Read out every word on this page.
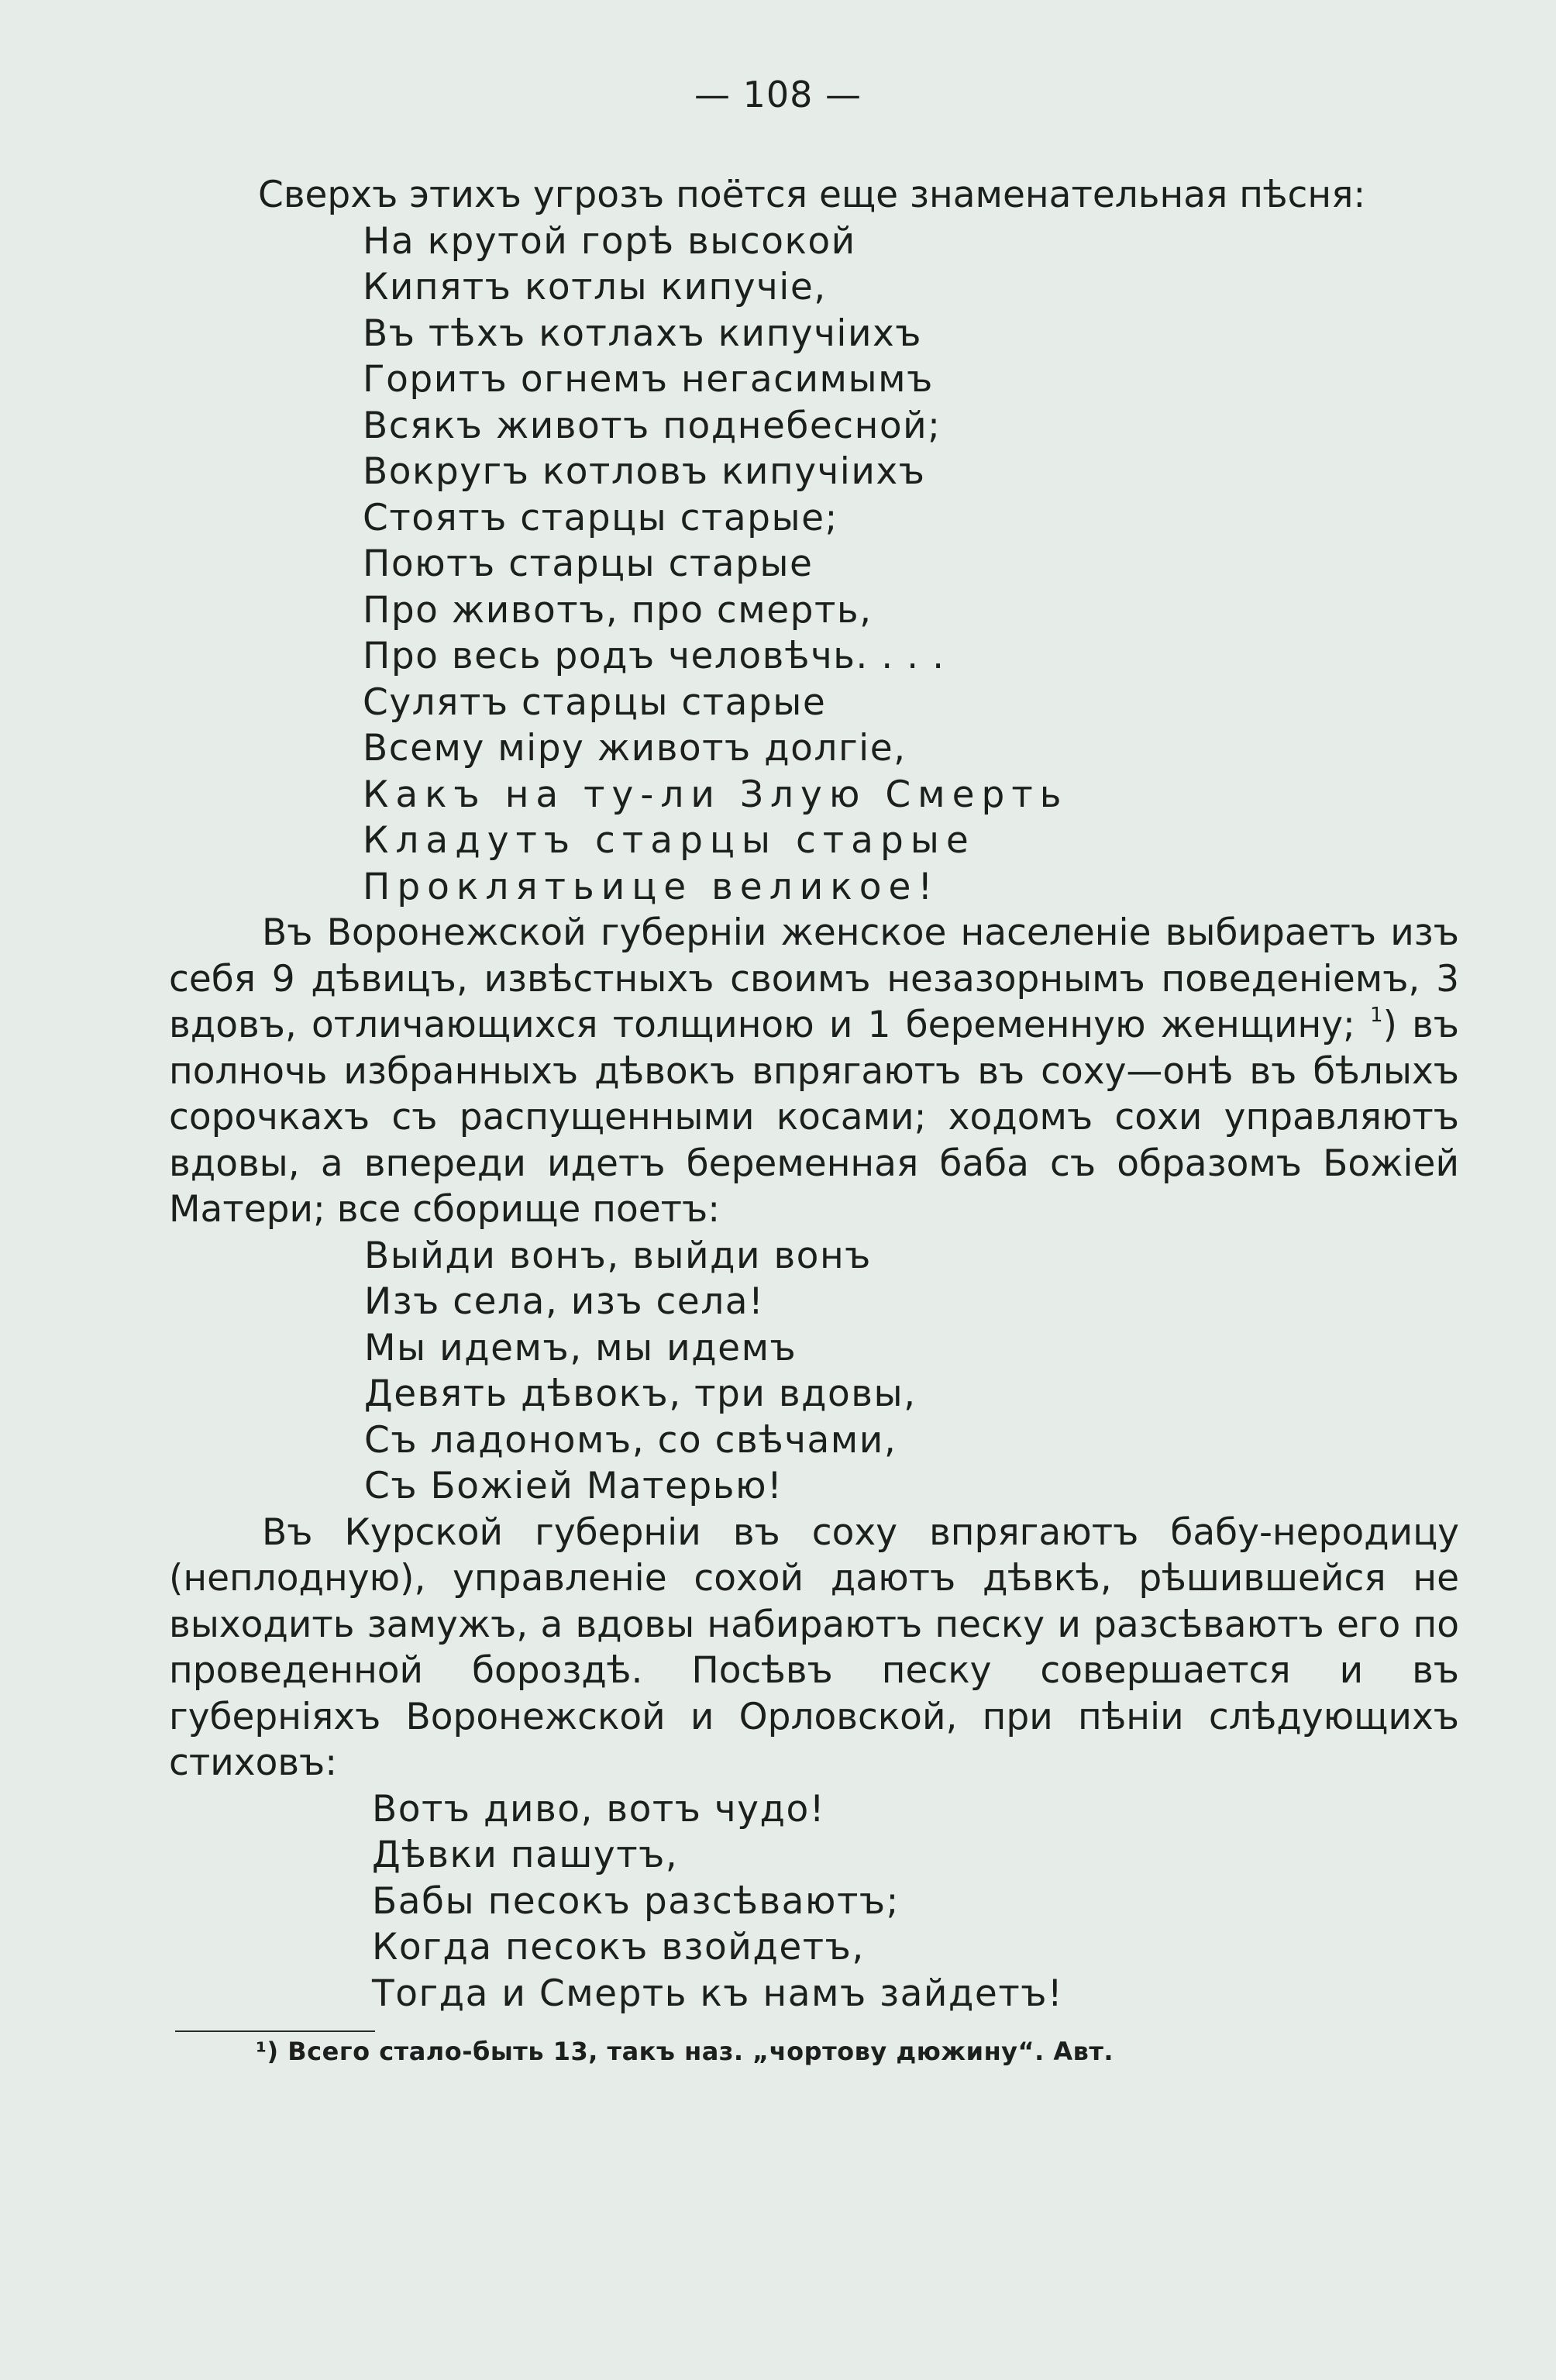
— 108 —

Сверхъ этихъ угрозъ поётся еще знаменательная пѣсня:

На крутой горѣ высокой
Кипятъ котлы кипучіе,
Въ тѣхъ котлахъ кипучіихъ
Горитъ огнемъ негасимымъ
Всякъ животъ поднебесной;
Вокругъ котловъ кипучіихъ
Стоятъ старцы старые;
Поютъ старцы старые
Про животъ, про смерть,
Про весь родъ человѣчь. . . .
Сулятъ старцы старые
Всему міру животъ долгіе,
Какъ на ту-ли Злую Смерть
Кладутъ старцы старые
Проклятьице великое!

Въ Воронежской губерніи женское населеніе выбираетъ изъ себя 9 дѣвицъ, извѣстныхъ своимъ незазорнымъ поведеніемъ, 3 вдовъ, отличающихся толщиною и 1 беременную женщину; $^1$) въ полночь избранныхъ дѣвокъ впрягаютъ въ соху—онѣ въ бѣлыхъ сорочкахъ съ распущенными косами; ходомъ сохи управляютъ вдовы, а впереди идетъ беременная баба съ образомъ Божіей Матери; все сборище поетъ:

Выйди вонъ, выйди вонъ
Изъ села, изъ села!
Мы идемъ, мы идемъ
Девять дѣвокъ, три вдовы,
Съ ладономъ, со свѣчами,
Съ Божіей Матерью!

Въ Курской губерніи въ соху впрягаютъ бабу-неродицу (неплодную), управленіе сохой даютъ дѣвкѣ, рѣшившейся не выходить замужъ, а вдовы набираютъ песку и разсѣваютъ его по проведенной бороздѣ. Посѣвъ песку совершается и въ губерніяхъ Воронежской и Орловской, при пѣніи слѣдующихъ стиховъ:

Вотъ диво, вотъ чудо!
Дѣвки пашутъ,
Бабы песокъ разсѣваютъ;
Когда песокъ взойдетъ,
Тогда и Смерть къ намъ зайдетъ!
¹) Всего стало-быть 13, такъ наз. „чортову дюжину“. Авт.
